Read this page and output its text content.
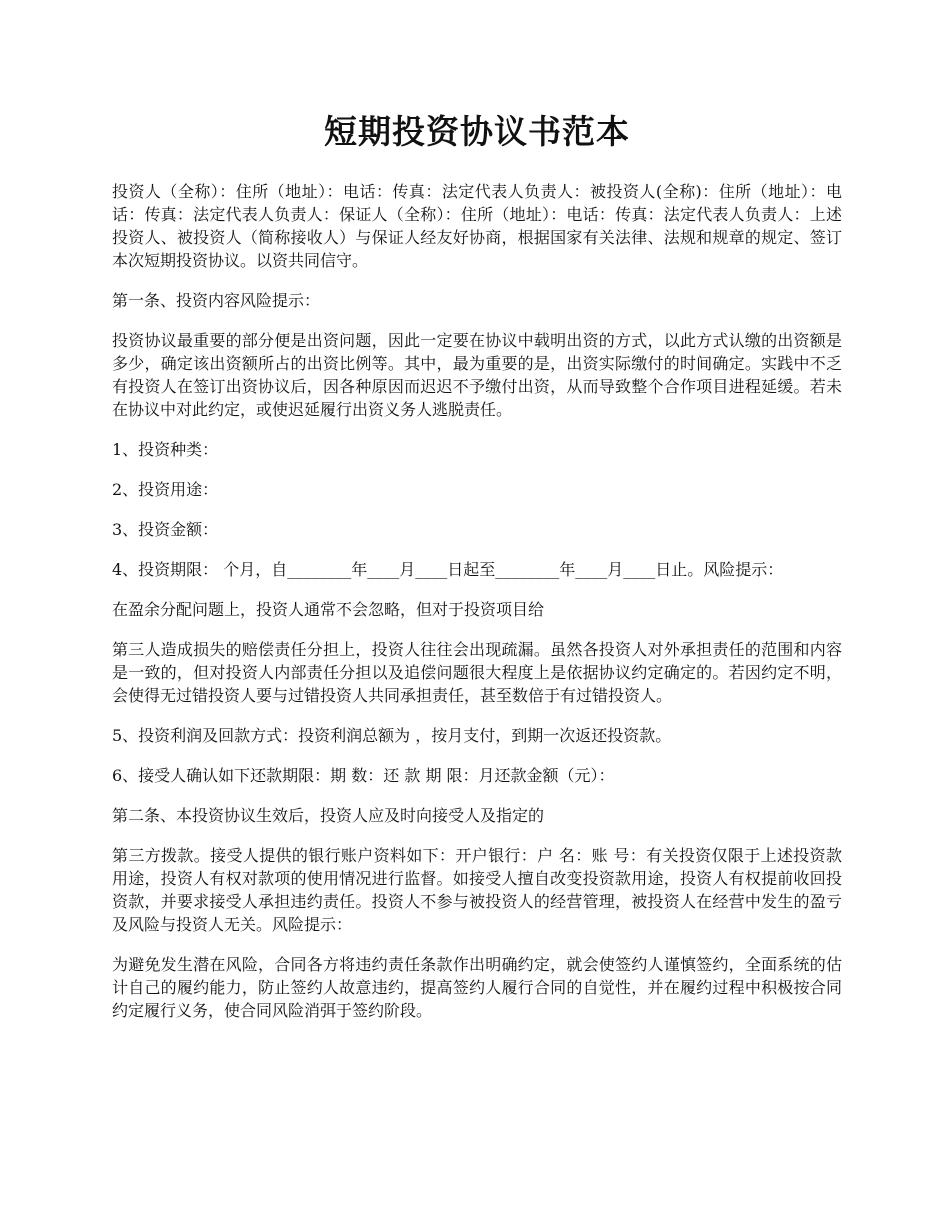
短期投资协议书范本

投资人（全称）：住所（地址）：电话：传真：法定代表人负责人：被投资人(全称)：住所（地址）：电话：传真：法定代表人负责人：保证人（全称）：住所（地址）：电话：传真：法定代表人负责人：上述投资人、被投资人（简称接收人）与保证人经友好协商，根据国家有关法律、法规和规章的规定、签订本次短期投资协议。以资共同信守。

第一条、投资内容风险提示：

投资协议最重要的部分便是出资问题，因此一定要在协议中载明出资的方式，以此方式认缴的出资额是多少，确定该出资额所占的出资比例等。其中，最为重要的是，出资实际缴付的时间确定。实践中不乏有投资人在签订出资协议后，因各种原因而迟迟不予缴付出资，从而导致整个合作项目进程延缓。若未在协议中对此约定，或使迟延履行出资义务人逃脱责任。

1、投资种类：

2、投资用途：

3、投资金额：

4、投资期限： 个月，自________年____月____日起至________年____月____日止。风险提示：

在盈余分配问题上，投资人通常不会忽略，但对于投资项目给

第三人造成损失的赔偿责任分担上，投资人往往会出现疏漏。虽然各投资人对外承担责任的范围和内容是一致的，但对投资人内部责任分担以及追偿问题很大程度上是依据协议约定确定的。若因约定不明，会使得无过错投资人要与过错投资人共同承担责任，甚至数倍于有过错投资人。

5、投资利润及回款方式：投资利润总额为 ，按月支付，到期一次返还投资款。

6、接受人确认如下还款期限：期 数：还 款 期 限：月还款金额（元）：

第二条、本投资协议生效后，投资人应及时向接受人及指定的

第三方拨款。接受人提供的银行账户资料如下：开户银行：户 名：账 号：有关投资仅限于上述投资款用途，投资人有权对款项的使用情况进行监督。如接受人擅自改变投资款用途，投资人有权提前收回投资款，并要求接受人承担违约责任。投资人不参与被投资人的经营管理，被投资人在经营中发生的盈亏及风险与投资人无关。风险提示：

为避免发生潜在风险，合同各方将违约责任条款作出明确约定，就会使签约人谨慎签约，全面系统的估计自己的履约能力，防止签约人故意违约，提高签约人履行合同的自觉性，并在履约过程中积极按合同约定履行义务，使合同风险消弭于签约阶段。
